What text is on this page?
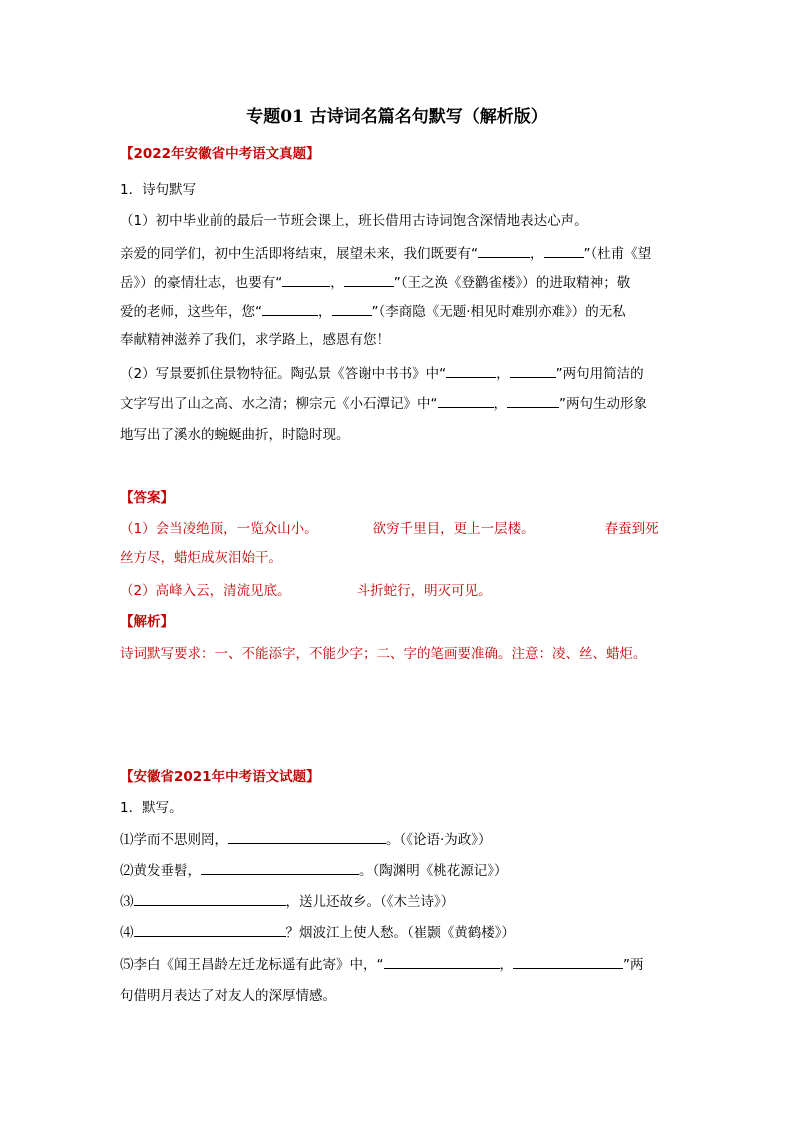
专题01 古诗词名篇名句默写（解析版）
【2022年安徽省中考语文真题】
1．诗句默写
（1）初中毕业前的最后一节班会课上，班长借用古诗词饱含深情地表达心声。
亲爱的同学们，初中生活即将结束，展望未来，我们既要有“	，	”（杜甫《望
岳》）的豪情壮志，也要有“	，	”（王之涣《登鹳雀楼》）的进取精神；敬
爱的老师，这些年，您“	，	”（李商隐《无题·相见时难别亦难》）的无私
奉献精神滋养了我们，求学路上，感恩有您！
（2）写景要抓住景物特征。陶弘景《答谢中书书》中“	，	”两句用简洁的
文字写出了山之高、水之清；柳宗元《小石潭记》中“	，	”两句生动形象
地写出了溪水的蜿蜒曲折，时隐时现。
【答案】
（1）会当凌绝顶，一览众山小。	欲穷千里目，更上一层楼。	春蚕到死
丝方尽，蜡炬成灰泪始干。
（2）高峰入云，清流见底。	斗折蛇行，明灭可见。
【解析】
诗词默写要求：一、不能添字，不能少字；二、字的笔画要准确。注意：凌、丝、蜡炬。
【安徽省2021年中考语文试题】
1．默写。
⑴学而不思则罔，	。（《论语·为政》）
⑵黄发垂髫，	。（陶渊明《桃花源记》）
⑶	，送儿还故乡。（《木兰诗》）
⑷	？烟波江上使人愁。（崔颢《黄鹤楼》）
⑸李白《闻王昌龄左迁龙标遥有此寄》中，“	，	”两
句借明月表达了对友人的深厚情感。
